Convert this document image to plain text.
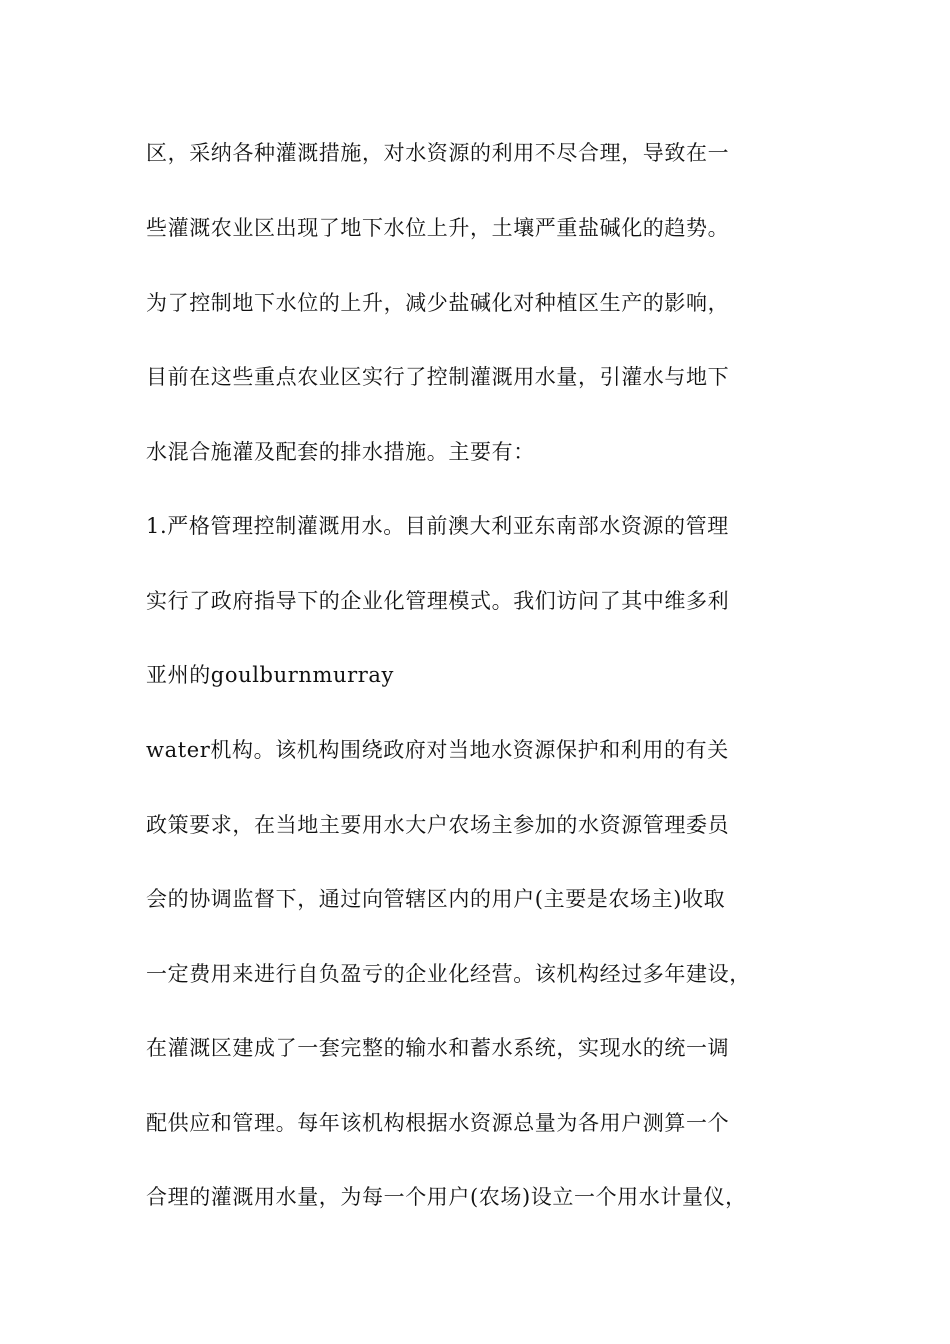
区，采纳各种灌溉措施，对水资源的利用不尽合理，导致在一
些灌溉农业区出现了地下水位上升，土壤严重盐碱化的趋势。
为了控制地下水位的上升，减少盐碱化对种植区生产的影响，
目前在这些重点农业区实行了控制灌溉用水量，引灌水与地下
水混合施灌及配套的排水措施。主要有：
1.严格管理控制灌溉用水。目前澳大利亚东南部水资源的管理
实行了政府指导下的企业化管理模式。我们访问了其中维多利
亚州的goulburnmurray
water机构。该机构围绕政府对当地水资源保护和利用的有关
政策要求，在当地主要用水大户农场主参加的水资源管理委员
会的协调监督下，通过向管辖区内的用户(主要是农场主)收取
一定费用来进行自负盈亏的企业化经营。该机构经过多年建设，
在灌溉区建成了一套完整的输水和蓄水系统，实现水的统一调
配供应和管理。每年该机构根据水资源总量为各用户测算一个
合理的灌溉用水量，为每一个用户(农场)设立一个用水计量仪，
